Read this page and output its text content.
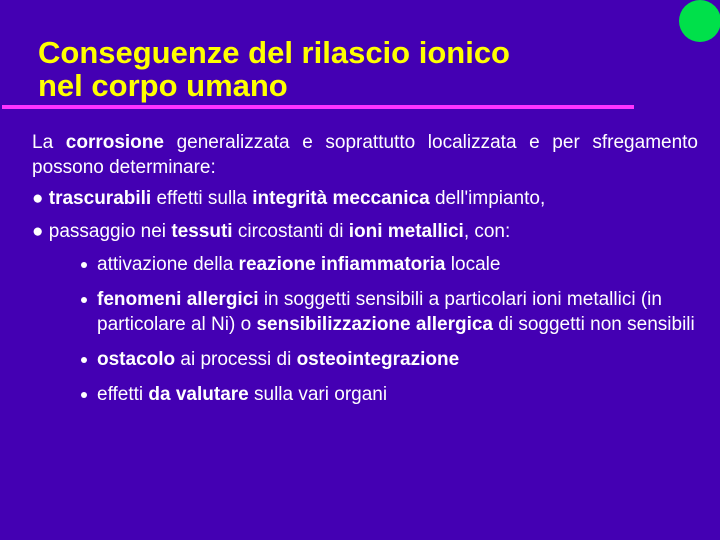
Conseguenze del rilascio ionico
nel corpo umano
La corrosione generalizzata e soprattutto localizzata e per sfregamento possono determinare:
● trascurabili effetti sulla integrità meccanica dell'impianto,
● passaggio nei tessuti circostanti di ioni metallici, con:
attivazione della reazione infiammatoria locale
fenomeni allergici in soggetti sensibili a particolari ioni metallici (in particolare al Ni) o sensibilizzazione allergica di soggetti non sensibili
ostacolo ai processi di osteointegrazione
effetti da valutare sulla vari organi
